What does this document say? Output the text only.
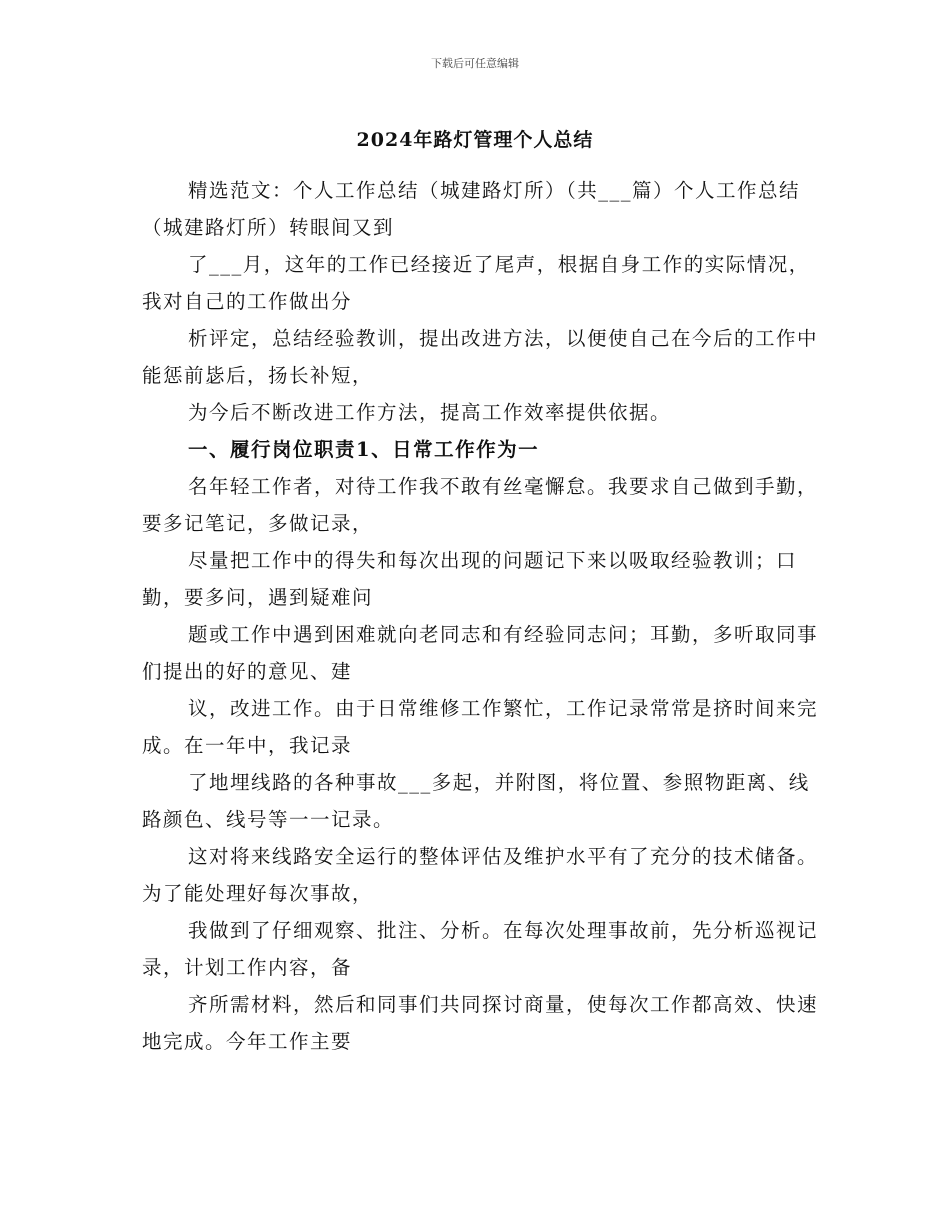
下载后可任意编辑
2024年路灯管理个人总结

精选范文：个人工作总结（城建路灯所）（共___篇）个人工作总结（城建路灯所）转眼间又到

了___月，这年的工作已经接近了尾声，根据自身工作的实际情况，我对自己的工作做出分

析评定，总结经验教训，提出改进方法，以便使自己在今后的工作中能惩前毖后，扬长补短，

为今后不断改进工作方法，提高工作效率提供依据。

一、履行岗位职责1、日常工作作为一

名年轻工作者，对待工作我不敢有丝毫懈怠。我要求自己做到手勤，要多记笔记，多做记录，

尽量把工作中的得失和每次出现的问题记下来以吸取经验教训；口勤，要多问，遇到疑难问

题或工作中遇到困难就向老同志和有经验同志问；耳勤，多听取同事们提出的好的意见、建

议，改进工作。由于日常维修工作繁忙，工作记录常常是挤时间来完成。在一年中，我记录

了地埋线路的各种事故___多起，并附图，将位置、参照物距离、线路颜色、线号等一一记录。

这对将来线路安全运行的整体评估及维护水平有了充分的技术储备。为了能处理好每次事故，

我做到了仔细观察、批注、分析。在每次处理事故前，先分析巡视记录，计划工作内容，备

齐所需材料，然后和同事们共同探讨商量，使每次工作都高效、快速地完成。今年工作主要
